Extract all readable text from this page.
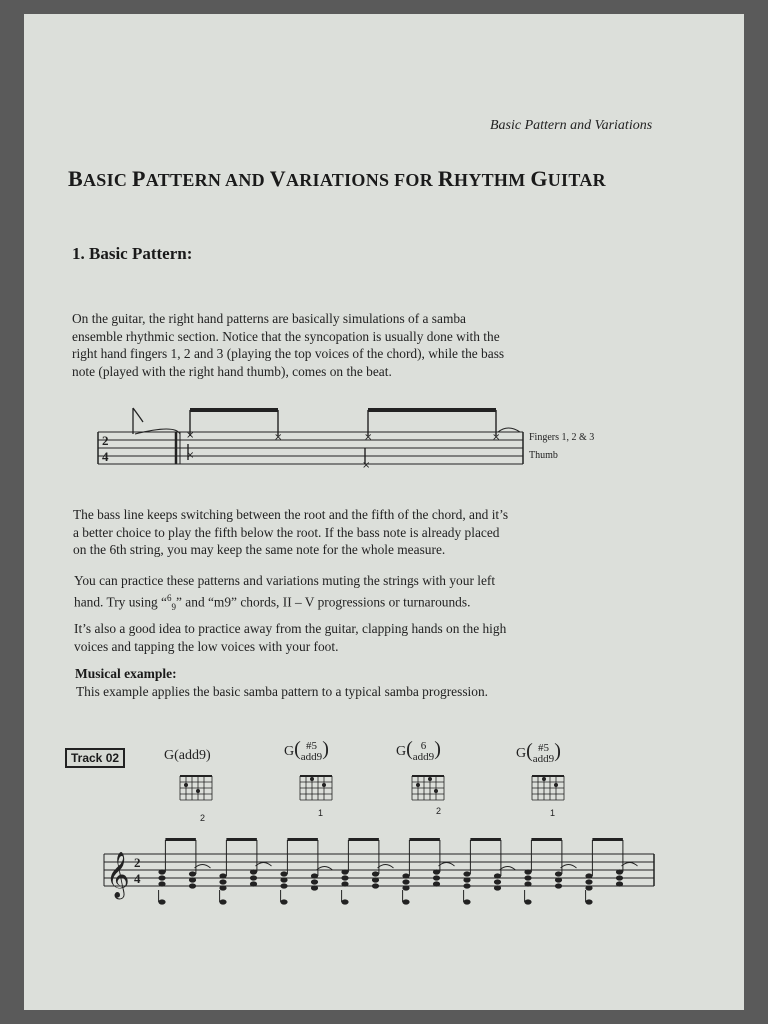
Basic Pattern and Variations
BASIC PATTERN AND VARIATIONS FOR RHYTHM GUITAR
1. Basic Pattern:
On the guitar, the right hand patterns are basically simulations of a samba
ensemble rhythmic section. Notice that the syncopation is usually done with the
right hand fingers 1, 2 and 3 (playing the top voices of the chord), while the bass
note (played with the right hand thumb), comes on the beat.
×	×	×	×
×
×
2
4
Fingers 1, 2 & 3
Thumb
The bass line keeps switching between the root and the fifth of the chord, and it’s
a better choice to play the fifth below the root. If the bass note is already placed
on the 6th string, you may keep the same note for the whole measure.
You can practice these patterns and variations muting the strings with your left
hand. Try using “$^6_9$” and “m9” chords, II – V progressions or turnarounds.
It’s also a good idea to practice away from the guitar, clapping hands on the high
voices and tapping the low voices with your foot.
Musical example:
This example applies the basic samba pattern to a typical samba progression.
Track 02	G(add9)	G( #5
add9)	G( 6
add9)	G( #5
add9)
2	1	2	1
𝄞 2
4
